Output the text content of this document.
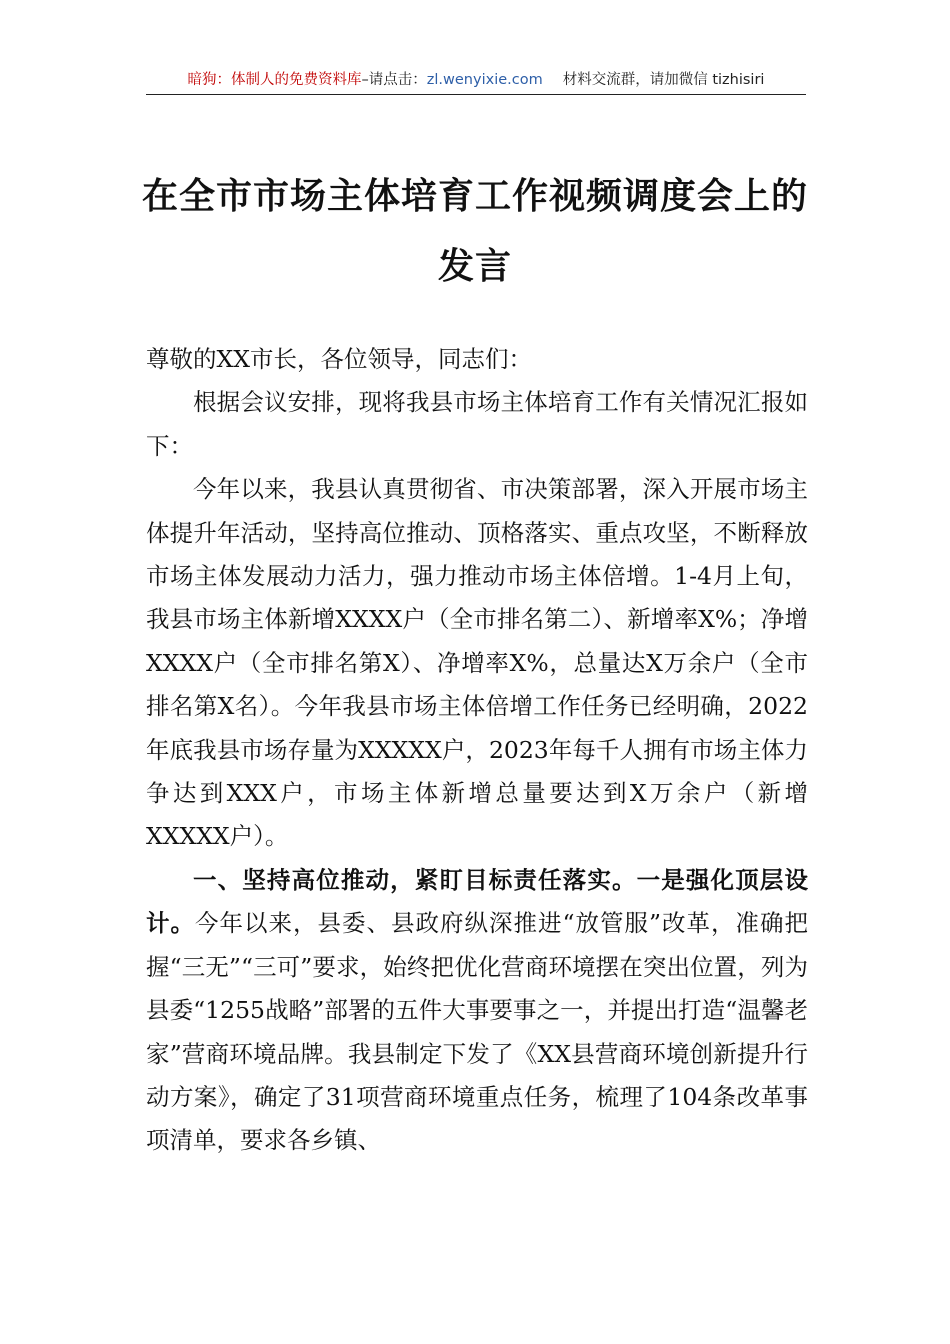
暗狗：体制人的免费资料库–请点击：zl.wenyixie.com 材料交流群，请加微信 tizhisiri
在全市市场主体培育工作视频调度会上的
发言

尊敬的XX市长，各位领导，同志们：

根据会议安排，现将我县市场主体培育工作有关情况汇报如下：

今年以来，我县认真贯彻省、市决策部署，深入开展市场主体提升年活动，坚持高位推动、顶格落实、重点攻坚，不断释放市场主体发展动力活力，强力推动市场主体倍增。1-4月上旬，我县市场主体新增XXXX户（全市排名第二）、新增率X%；净增XXXX户（全市排名第X）、净增率X%，总量达X万余户（全市排名第X名）。今年我县市场主体倍增工作任务已经明确，2022年底我县市场存量为XXXXX户，2023年每千人拥有市场主体力争达到XXX户，市场主体新增总量要达到X万余户（新增XXXXX户）。

一、坚持高位推动，紧盯目标责任落实。一是强化顶层设计。今年以来，县委、县政府纵深推进“放管服”改革，准确把握“三无”“三可”要求，始终把优化营商环境摆在突出位置，列为县委“1255战略”部署的五件大事要事之一，并提出打造“温馨老家”营商环境品牌。我县制定下发了《XX县营商环境创新提升行动方案》，确定了31项营商环境重点任务，梳理了104条改革事项清单，要求各乡镇、
